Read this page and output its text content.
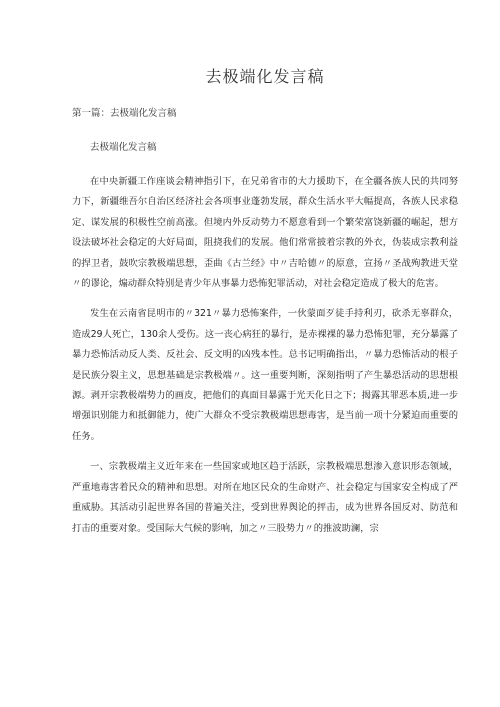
去极端化发言稿
第一篇：去极端化发言稿
去极端化发言稿

在中央新疆工作座谈会精神指引下，在兄弟省市的大力援助下，在全疆各族人民的共同努力下，新疆维吾尔自治区经济社会各项事业蓬勃发展，群众生活水平大幅提高，各族人民求稳定、谋发展的积极性空前高涨。但境内外反动势力不愿意看到一个繁荣富饶新疆的崛起，想方设法破坏社会稳定的大好局面，阻挠我们的发展。他们常常披着宗教的外衣，伪装成宗教利益的捍卫者，鼓吹宗教极端思想，歪曲《古兰经》中〃吉哈德〃的原意，宣扬〃圣战殉教进天堂〃的谬论，煽动群众特别是青少年从事暴力恐怖犯罪活动，对社会稳定造成了极大的危害。

发生在云南省昆明市的〃321〃暴力恐怖案件，一伙蒙面歹徒手持利刃，砍杀无辜群众，造成29人死亡，130余人受伤。这一丧心病狂的暴行，是赤裸裸的暴力恐怖犯罪，充分暴露了暴力恐怖活动反人类、反社会、反文明的凶残本性。总书记明确指出，〃暴力恐怖活动的根子是民族分裂主义，思想基础是宗教极端〃。这一重要判断，深刻指明了产生暴恐活动的思想根源。剥开宗教极端势力的画皮，把他们的真面目暴露于光天化日之下；揭露其罪恶本质,进一步增强识别能力和抵御能力，使广大群众不受宗教极端思想毒害，是当前一项十分紧迫而重要的任务。

一、宗教极端主义近年来在一些国家或地区趋于活跃，宗教极端思想渗入意识形态领域，严重地毒害着民众的精神和思想。对所在地区民众的生命财产、社会稳定与国家安全构成了严重威胁。其活动引起世界各国的普遍关注，受到世界舆论的抨击，成为世界各国反对、防范和打击的重要对象。受国际大气候的影响，加之〃三股势力〃的推波助澜，宗
